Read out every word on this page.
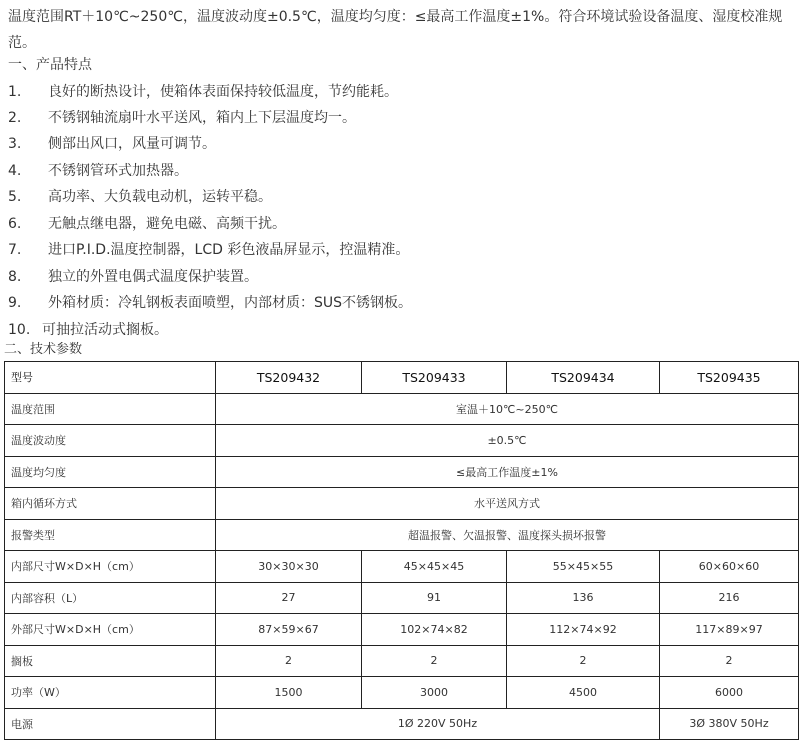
温度范围RT＋10℃~250℃，温度波动度±0.5℃，温度均匀度：≤最高工作温度±1%。符合环境试验设备温度、湿度校准规范。
一、产品特点
1. 良好的断热设计，使箱体表面保持较低温度，节约能耗。
2. 不锈钢轴流扇叶水平送风，箱内上下层温度均一。
3. 侧部出风口，风量可调节。
4. 不锈钢管环式加热器。
5. 高功率、大负载电动机，运转平稳。
6. 无触点继电器，避免电磁、高频干扰。
7. 进口P.I.D.温度控制器，LCD 彩色液晶屏显示，控温精准。
8. 独立的外置电偶式温度保护装置。
9. 外箱材质：冷轧钢板表面喷塑，内部材质：SUS不锈钢板。
10. 可抽拉活动式搁板。
二、技术参数
型号	TS209432	TS209433	TS209434	TS209435
温度范围	室温＋10℃~250℃			
温度波动度	±0.5℃			
温度均匀度	≤最高工作温度±1%			
箱内循环方式	水平送风方式			
报警类型	超温报警、欠温报警、温度探头损坏报警			
内部尺寸W×D×H（cm）	30×30×30	45×45×45	55×45×55	60×60×60
内部容积（L）	27	91	136	216
外部尺寸W×D×H（cm）	87×59×67	102×74×82	112×74×92	117×89×97
搁板	2	2	2	2
功率（W）	1500	3000	4500	6000
电源	1Ø 220V 50Hz			3Ø 380V 50Hz
